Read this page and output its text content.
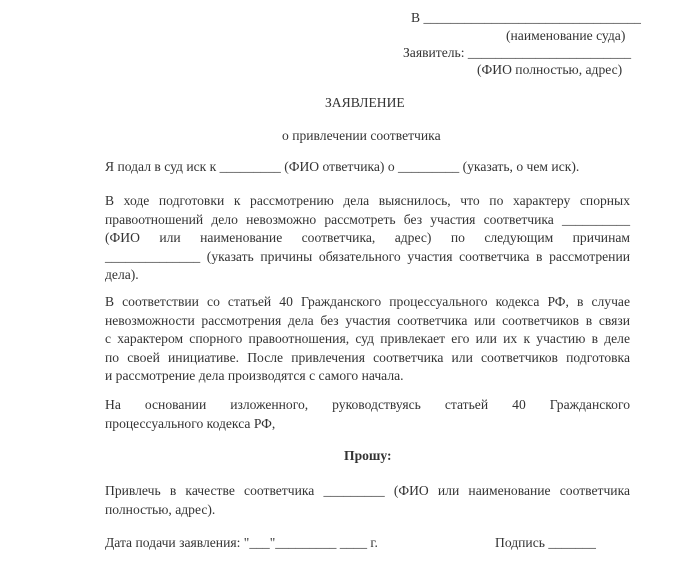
В ________________________________
(наименование суда)
Заявитель: ________________________
(ФИО полностью, адрес)
ЗАЯВЛЕНИЕ
о привлечении соответчика
Я подал в суд иск к _________ (ФИО ответчика) о _________ (указать, о чем иск).
В ходе подготовки к рассмотрению дела выяснилось, что по характеру спорных
правоотношений дело невозможно рассмотреть без участия соответчика __________
(ФИО или наименование соответчика, адрес) по следующим причинам
______________ (указать причины обязательного участия соответчика в рассмотрении
дела).
В соответствии со статьей 40 Гражданского процессуального кодекса РФ, в случае
невозможности рассмотрения дела без участия соответчика или соответчиков в связи
с характером спорного правоотношения, суд привлекает его или их к участию в деле
по своей инициативе. После привлечения соответчика или соответчиков подготовка
и рассмотрение дела производятся с самого начала.
На основании изложенного, руководствуясь статьей 40 Гражданского
процессуального кодекса РФ,
Прошу:
Привлечь в качестве соответчика _________ (ФИО или наименование соответчика
полностью, адрес).
Дата подачи заявления: "___"_________ ____ г.	Подпись _______
